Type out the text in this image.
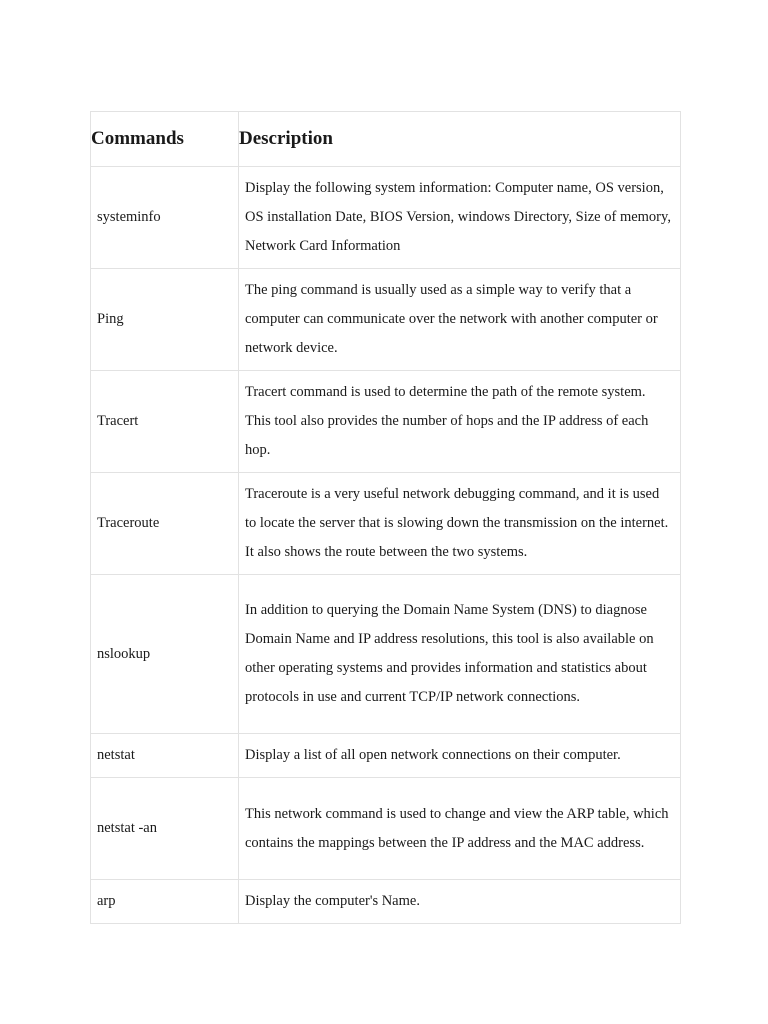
Commands	Description
systeminfo	Display the following system information: Computer name, OS version, OS installation Date, BIOS Version, windows Directory, Size of memory, Network Card Information
Ping	The ping command is usually used as a simple way to verify that a computer can communicate over the network with another computer or network device.
Tracert	Tracert command is used to determine the path of the remote system. This tool also provides the number of hops and the IP address of each hop.
Traceroute	Traceroute is a very useful network debugging command, and it is used to locate the server that is slowing down the transmission on the internet. It also shows the route between the two systems.
nslookup	In addition to querying the Domain Name System (DNS) to diagnose Domain Name and IP address resolutions, this tool is also available on other operating systems and provides information and statistics about protocols in use and current TCP/IP network connections.
netstat	Display a list of all open network connections on their computer.
netstat -an	This network command is used to change and view the ARP table, which contains the mappings between the IP address and the MAC address.
arp	Display the computer's Name.
